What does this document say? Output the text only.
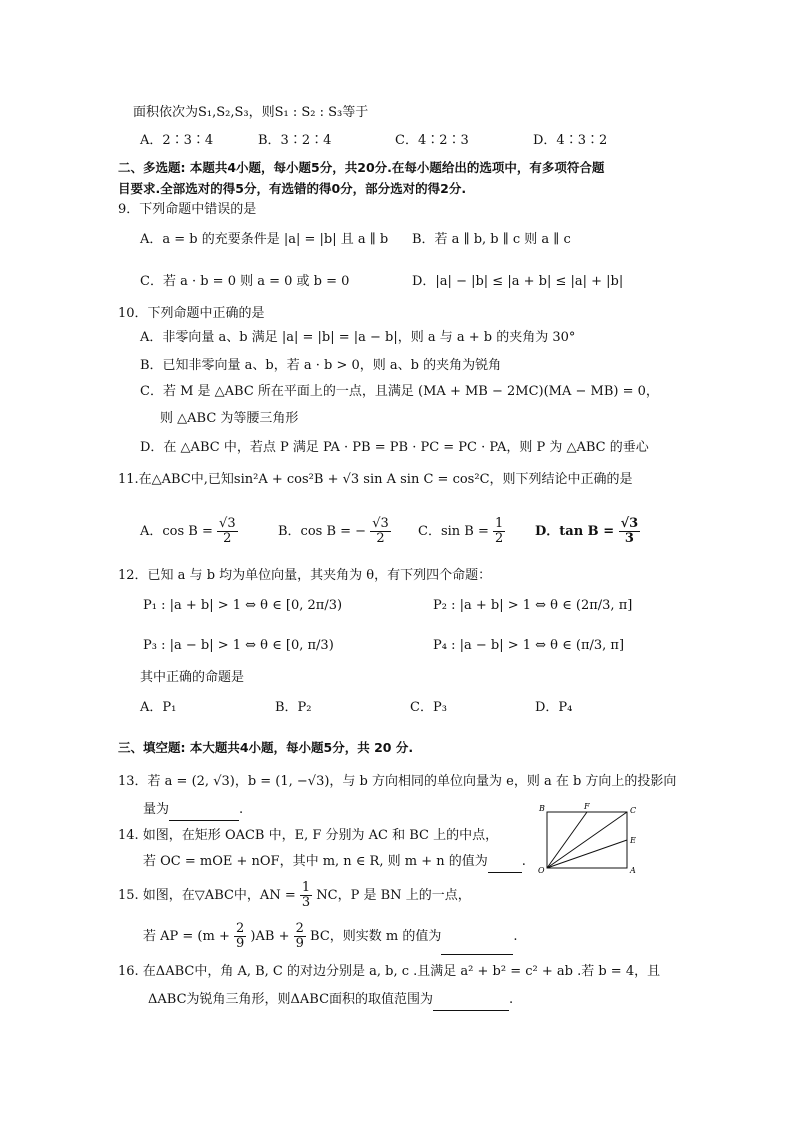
面积依次为S₁,S₂,S₃，则S₁ : S₂ : S₃等于
A．2∶3∶4	B．3∶2∶4	C．4∶2∶3	D．4∶3∶2
二、多选题: 本题共4小题，每小题5分，共20分.在每小题给出的选项中，有多项符合题
目要求.全部选对的得5分，有选错的得0分，部分选对的得2分.
9．下列命题中错误的是
A．a = b 的充要条件是 |a| = |b| 且 a ∥ b B．若 a ∥ b, b ∥ c 则 a ∥ c
C．若 a · b = 0 则 a = 0 或 b = 0	D．|a| − |b| ≤ |a + b| ≤ |a| + |b|
10．下列命题中正确的是
A．非零向量 a、b 满足 |a| = |b| = |a − b|，则 a 与 a + b 的夹角为 30°
B．已知非零向量 a、b，若 a · b > 0，则 a、b 的夹角为锐角
C．若 M 是 △ABC 所在平面上的一点，且满足 (MA + MB − 2MC)(MA − MB) = 0，
则 △ABC 为等腰三角形
D．在 △ABC 中，若点 P 满足 PA · PB = PB · PC = PC · PA，则 P 为 △ABC 的垂心
11.在△ABC中,已知sin²A + cos²B + √3 sin A sin C = cos²C，则下列结论中正确的是
A．$\cos B = \frac{√3}{2}$	B．cos B = − $\frac{√3}{2}$ C．$\sin B = \frac{1}{2}$ D．$\tan B = \frac{√3}{3}$
12．已知 a 与 b 均为单位向量，其夹角为 θ，有下列四个命题：
P₁ : |a + b| > 1 ⇔ θ ∈ [0, 2π/3)	P₂ : |a + b| > 1 ⇔ θ ∈ (2π/3, π]
P₃ : |a − b| > 1 ⇔ θ ∈ [0, π/3)	P₄ : |a − b| > 1 ⇔ θ ∈ (π/3, π]
其中正确的命题是
A．P₁	B．P₂	C．P₃	D．P₄
三、填空题: 本大题共4小题，每小题5分，共 20 分.
13．若 a = (2, √3)，b = (1, −√3)，与 b 方向相同的单位向量为 e，则 a 在 b 方向上的投影向
量为	.	B	F	C
E
O	A
14. 如图，在矩形 OACB 中，E, F 分别为 AC 和 BC 上的中点，
若 OC = mOE + nOF，其中 m, n ∈ R, 则 m + n 的值为	.
15. 如图，在▽ABC中，AN = $\frac{1}{3}$ NC，P 是 BN 上的一点，
若 AP = $(m + \frac{2}{9} )AB + \frac{2}{9}$ BC，则实数 m 的值为	.
16. 在ΔABC中，角 A, B, C 的对边分别是 a, b, c .且满足 a² + b² = c² + ab .若 b = 4，且
ΔABC为锐角三角形，则ΔABC面积的取值范围为	.
